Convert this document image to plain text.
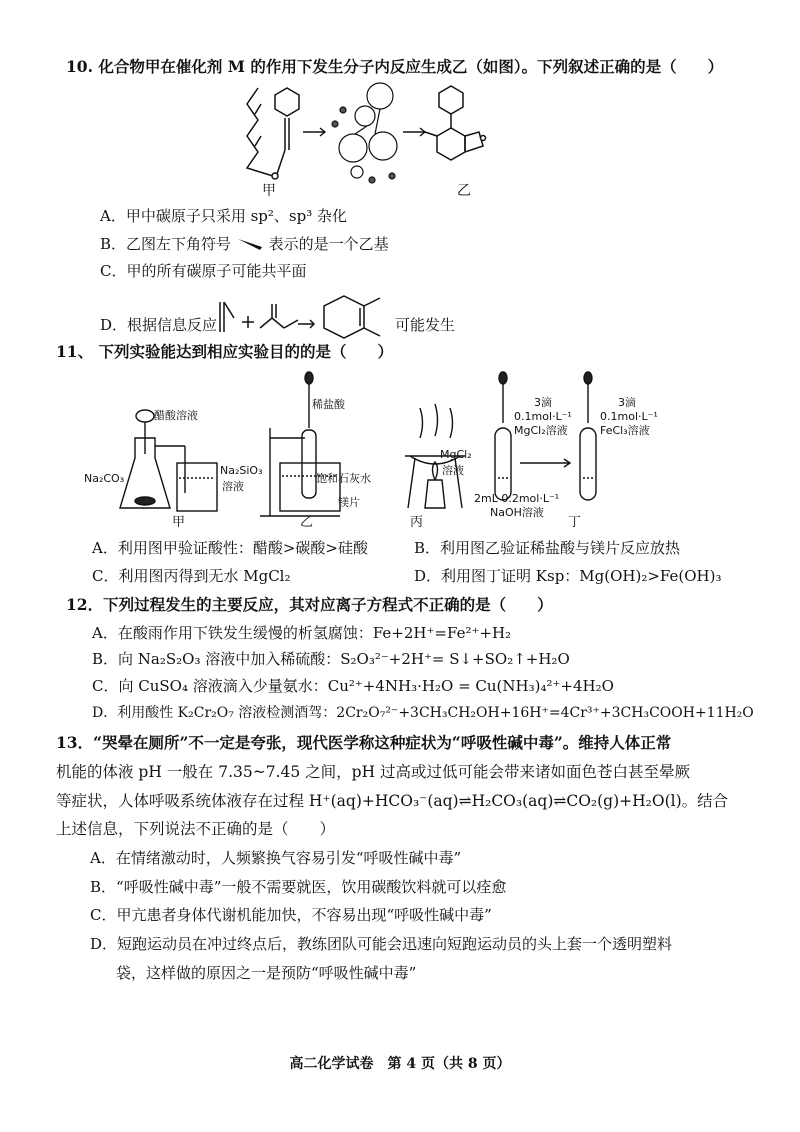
10. 化合物甲在催化剂 M 的作用下发生分子内反应生成乙（如图）。下列叙述正确的是（　　）
甲	乙
A．甲中碳原子只采用 sp²、sp³ 杂化
B．乙图左下角符号	表示的是一个乙基
C．甲的所有碳原子可能共平面
D．根据信息反应	可能发生
11、 下列实验能达到相应实验目的的是（　　）
醋酸溶液
Na₂CO₃
Na₂SiO₃
溶液
稀盐酸
饱和石灰水
镁片
MgCl₂
溶液
3滴
0.1mol·L⁻¹
MgCl₂溶液
3滴
0.1mol·L⁻¹
FeCl₃溶液
2mL 0.2mol·L⁻¹
NaOH溶液
甲	乙	丙	丁
A．利用图甲验证酸性：醋酸>碳酸>硅酸	B．利用图乙验证稀盐酸与镁片反应放热
C．利用图丙得到无水 MgCl₂	D．利用图丁证明 Ksp：Mg(OH)₂>Fe(OH)₃
12．下列过程发生的主要反应，其对应离子方程式不正确的是（　　）
A．在酸雨作用下铁发生缓慢的析氢腐蚀：Fe+2H⁺=Fe²⁺+H₂
B．向 Na₂S₂O₃ 溶液中加入稀硫酸：S₂O₃²⁻+2H⁺= S↓+SO₂↑+H₂O
C．向 CuSO₄ 溶液滴入少量氨水：Cu²⁺+4NH₃·H₂O = Cu(NH₃)₄²⁺+4H₂O
D．利用酸性 K₂Cr₂O₇ 溶液检测酒驾：2Cr₂O₇²⁻+3CH₃CH₂OH+16H⁺=4Cr³⁺+3CH₃COOH+11H₂O
13．“哭晕在厕所”不一定是夸张，现代医学称这种症状为“呼吸性碱中毒”。维持人体正常
机能的体液 pH 一般在 7.35~7.45 之间，pH 过高或过低可能会带来诸如面色苍白甚至晕厥
等症状，人体呼吸系统体液存在过程 H⁺(aq)+HCO₃⁻(aq)⇌H₂CO₃(aq)⇌CO₂(g)+H₂O(l)。结合
上述信息，下列说法不正确的是（　　）
A．在情绪激动时，人频繁换气容易引发“呼吸性碱中毒”
B．“呼吸性碱中毒”一般不需要就医，饮用碳酸饮料就可以痊愈
C．甲亢患者身体代谢机能加快，不容易出现“呼吸性碱中毒”
D．短跑运动员在冲过终点后，教练团队可能会迅速向短跑运动员的头上套一个透明塑料
袋，这样做的原因之一是预防“呼吸性碱中毒”
高二化学试卷　第 4 页（共 8 页）
